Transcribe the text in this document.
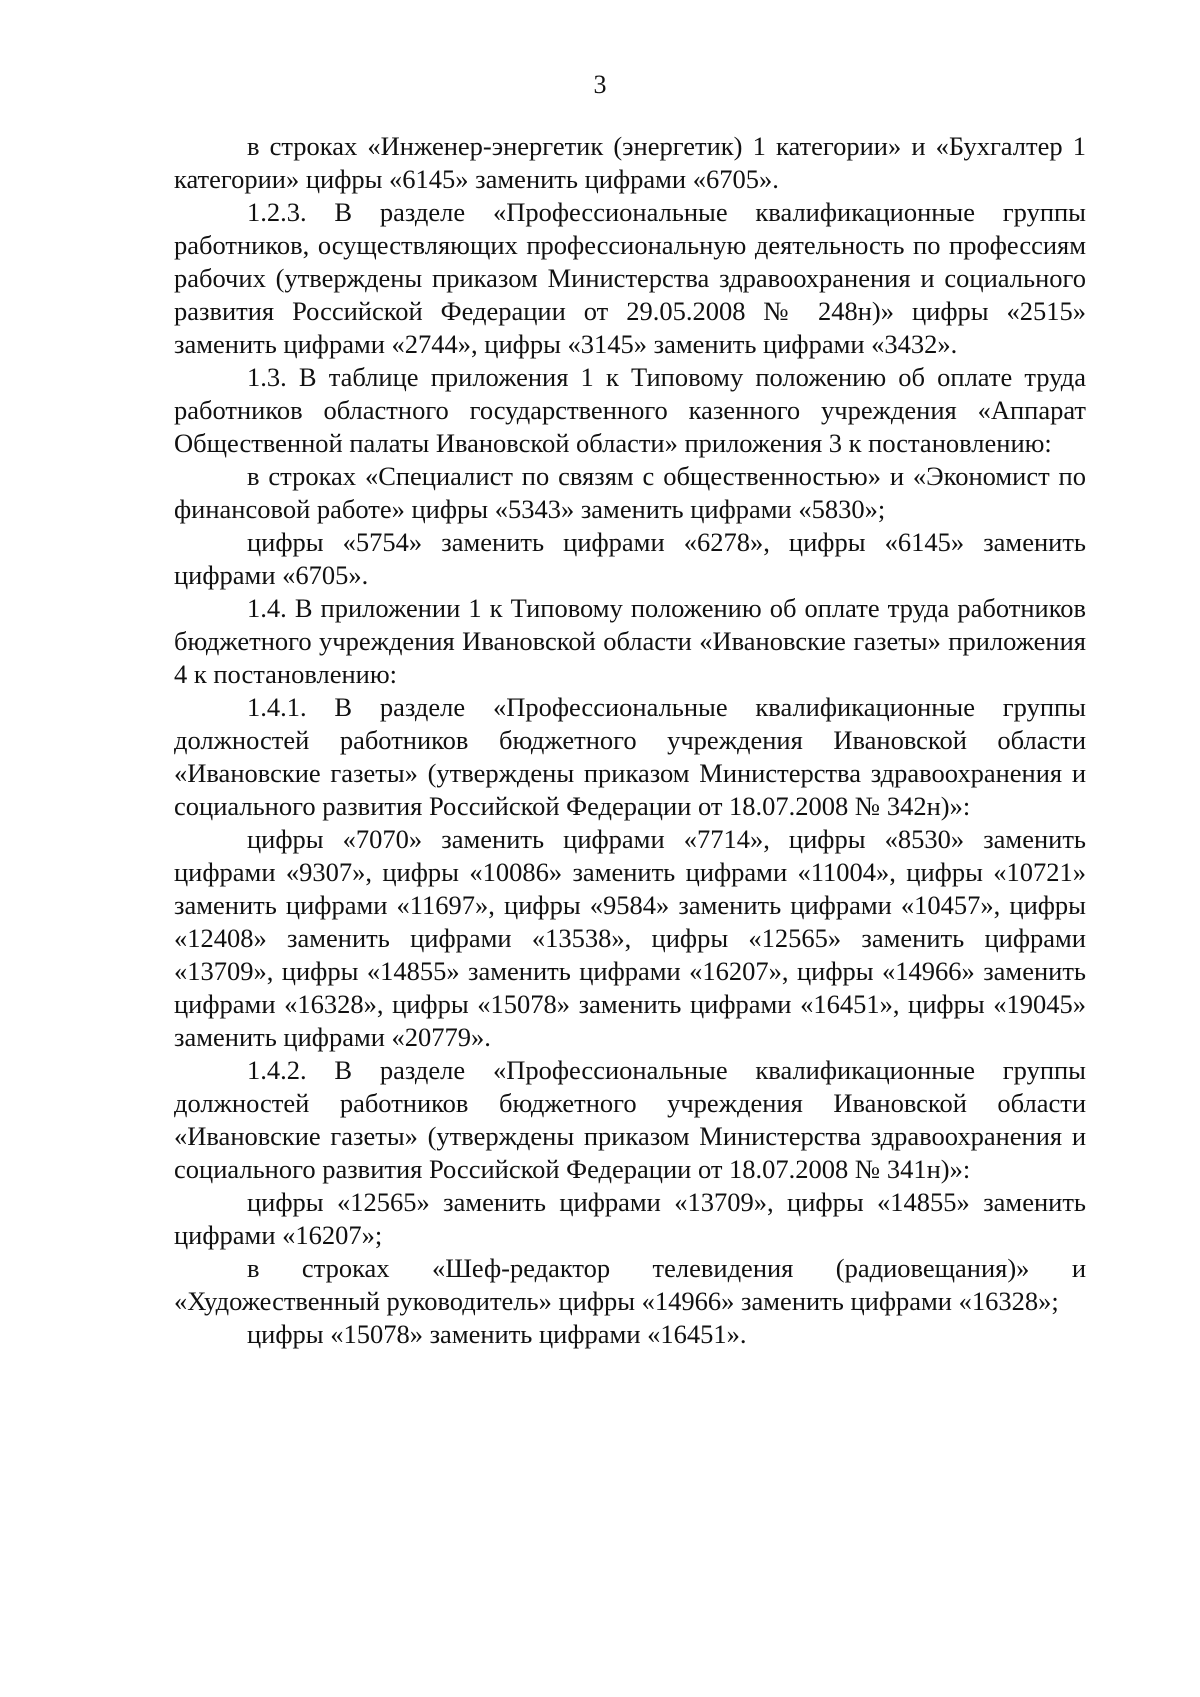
3

в строках «Инженер-энергетик (энергетик) 1 категории» и «Бухгалтер 1 категории» цифры «6145» заменить цифрами «6705».

1.2.3. В разделе «Профессиональные квалификационные группы работников, осуществляющих профессиональную деятельность по профессиям рабочих (утверждены приказом Министерства здравоохранения и социального развития Российской Федерации от 29.05.2008 № 248н)» цифры «2515» заменить цифрами «2744», цифры «3145» заменить цифрами «3432».

1.3. В таблице приложения 1 к Типовому положению об оплате труда работников областного государственного казенного учреждения «Аппарат Общественной палаты Ивановской области» приложения 3 к постановлению:

в строках «Специалист по связям с общественностью» и «Экономист по финансовой работе» цифры «5343» заменить цифрами «5830»;

цифры «5754» заменить цифрами «6278», цифры «6145» заменить цифрами «6705».

1.4. В приложении 1 к Типовому положению об оплате труда работников бюджетного учреждения Ивановской области «Ивановские газеты» приложения 4 к постановлению:

1.4.1. В разделе «Профессиональные квалификационные группы должностей работников бюджетного учреждения Ивановской области «Ивановские газеты» (утверждены приказом Министерства здравоохранения и социального развития Российской Федерации от 18.07.2008 № 342н)»:

цифры «7070» заменить цифрами «7714», цифры «8530» заменить цифрами «9307», цифры «10086» заменить цифрами «11004», цифры «10721» заменить цифрами «11697», цифры «9584» заменить цифрами «10457», цифры «12408» заменить цифрами «13538», цифры «12565» заменить цифрами «13709», цифры «14855» заменить цифрами «16207», цифры «14966» заменить цифрами «16328», цифры «15078» заменить цифрами «16451», цифры «19045» заменить цифрами «20779».

1.4.2. В разделе «Профессиональные квалификационные группы должностей работников бюджетного учреждения Ивановской области «Ивановские газеты» (утверждены приказом Министерства здравоохранения и социального развития Российской Федерации от 18.07.2008 № 341н)»:

цифры «12565» заменить цифрами «13709», цифры «14855» заменить цифрами «16207»;

в строках «Шеф-редактор телевидения (радиовещания)» и «Художественный руководитель» цифры «14966» заменить цифрами «16328»;

цифры «15078» заменить цифрами «16451».
